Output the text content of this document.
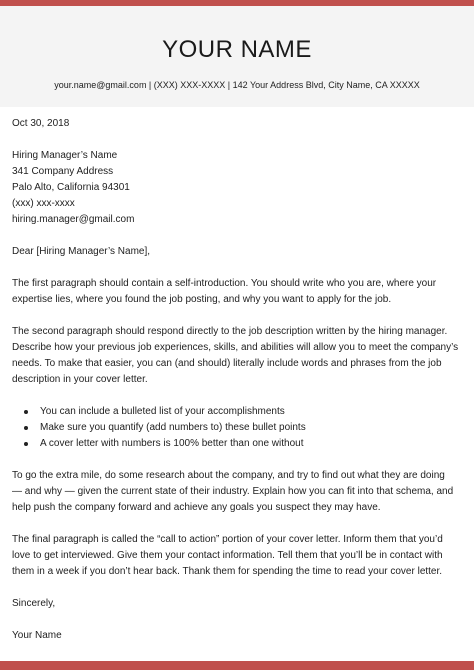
YOUR NAME
your.name@gmail.com | (XXX) XXX-XXXX | 142 Your Address Blvd, City Name, CA XXXXX

Oct 30, 2018

Hiring Manager’s Name

341 Company Address

Palo Alto, California 94301

(xxx) xxx-xxxx

hiring.manager@gmail.com

Dear [Hiring Manager’s Name],

The first paragraph should contain a self-introduction. You should write who you are, where your

expertise lies, where you found the job posting, and why you want to apply for the job.

The second paragraph should respond directly to the job description written by the hiring manager.

Describe how your previous job experiences, skills, and abilities will allow you to meet the company’s

needs. To make that easier, you can (and should) literally include words and phrases from the job

description in your cover letter.

You can include a bulleted list of your accomplishments
Make sure you quantify (add numbers to) these bullet points
A cover letter with numbers is 100% better than one without

To go the extra mile, do some research about the company, and try to find out what they are doing

— and why — given the current state of their industry. Explain how you can fit into that schema, and

help push the company forward and achieve any goals you suspect they may have.

The final paragraph is called the “call to action” portion of your cover letter. Inform them that you’d

love to get interviewed. Give them your contact information. Tell them that you’ll be in contact with

them in a week if you don’t hear back. Thank them for spending the time to read your cover letter.

Sincerely,

Your Name
